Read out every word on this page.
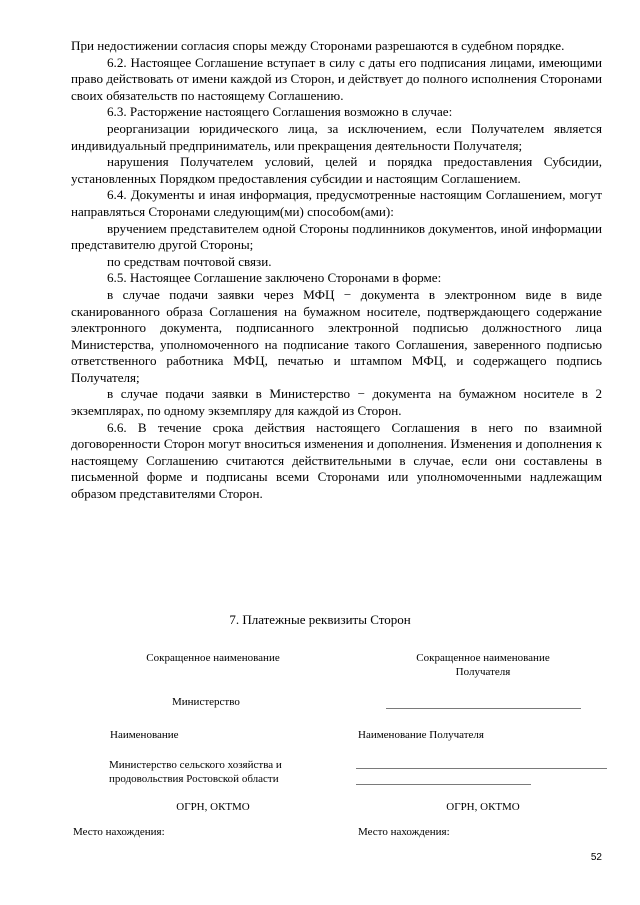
При недостижении согласия споры между Сторонами разрешаются в судебном порядке.

6.2. Настоящее Соглашение вступает в силу с даты его подписания лицами, имеющими право действовать от имени каждой из Сторон, и действует до полного исполнения Сторонами своих обязательств по настоящему Соглашению.

6.3. Расторжение настоящего Соглашения возможно в случае:

реорганизации юридического лица, за исключением, если Получателем является индивидуальный предприниматель, или прекращения деятельности Получателя;

нарушения Получателем условий, целей и порядка предоставления Субсидии, установленных Порядком предоставления субсидии и настоящим Соглашением.

6.4. Документы и иная информация, предусмотренные настоящим Соглашением, могут направляться Сторонами следующим(ми) способом(ами):

вручением представителем одной Стороны подлинников документов, иной информации представителю другой Стороны;

по средствам почтовой связи.

6.5. Настоящее Соглашение заключено Сторонами в форме:

в случае подачи заявки через МФЦ − документа в электронном виде в виде сканированного образа Соглашения на бумажном носителе, подтверждающего содержание электронного документа, подписанного электронной подписью должностного лица Министерства, уполномоченного на подписание такого Соглашения, заверенного подписью ответственного работника МФЦ, печатью и штампом МФЦ, и содержащего подпись Получателя;

в случае подачи заявки в Министерство − документа на бумажном носителе в 2 экземплярах, по одному экземпляру для каждой из Сторон.

6.6. В течение срока действия настоящего Соглашения в него по взаимной договоренности Сторон могут вноситься изменения и дополнения. Изменения и дополнения к настоящему Соглашению считаются действительными в случае, если они составлены в письменной форме и подписаны всеми Сторонами или уполномоченными надлежащим образом представителями Сторон.

7. Платежные реквизиты Сторон
Сокращенное наименование	Сокращенное наименование
Получателя
Министерство
Наименование	Наименование Получателя
Министерство сельского хозяйства и
продовольствия Ростовской области
ОГРН, ОКТМО	ОГРН, ОКТМО
Место нахождения:	Место нахождения:
52
